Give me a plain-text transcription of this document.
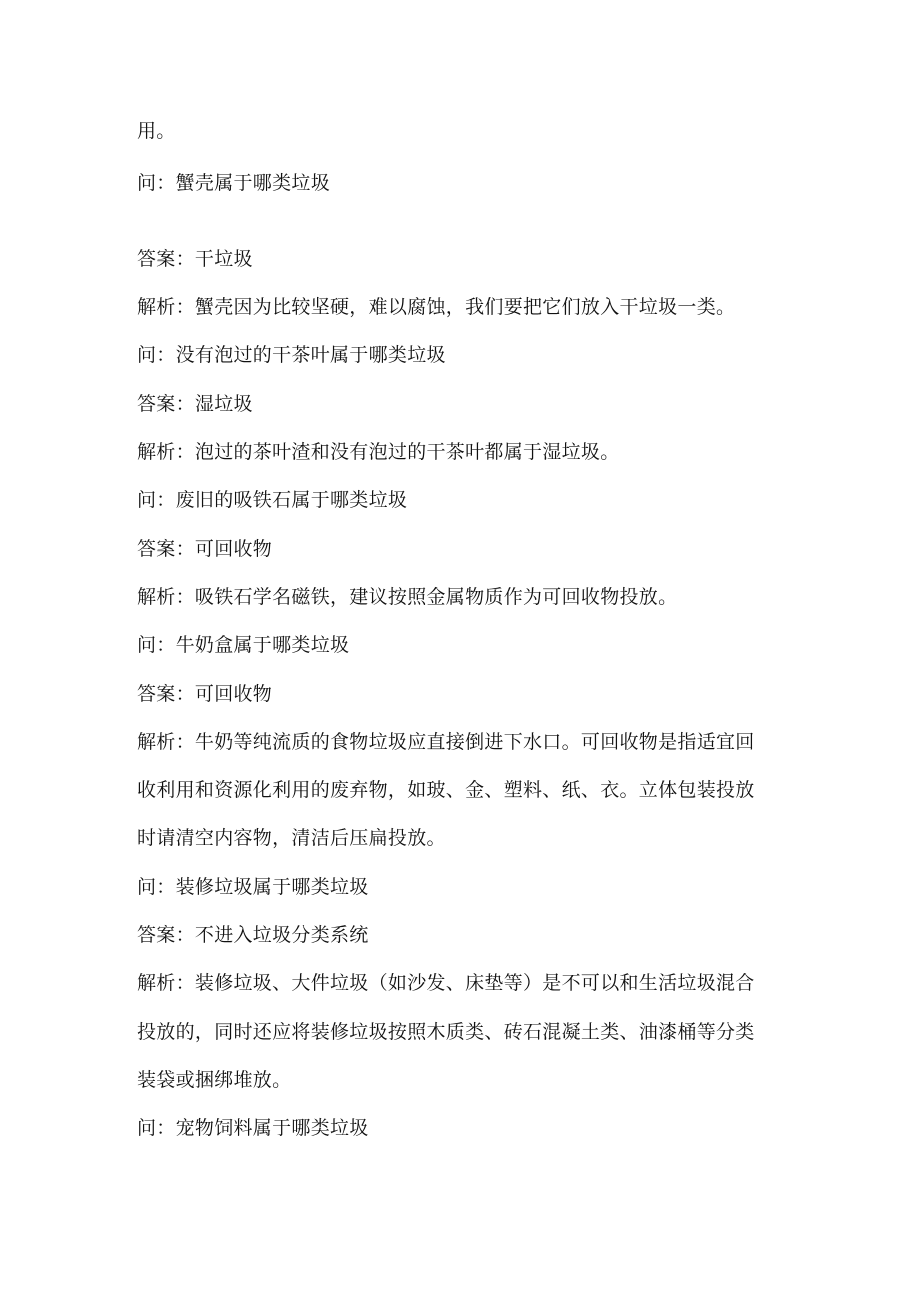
用。
问：蟹壳属于哪类垃圾
答案：干垃圾
解析：蟹壳因为比较坚硬，难以腐蚀，我们要把它们放入干垃圾一类。
问：没有泡过的干茶叶属于哪类垃圾
答案：湿垃圾
解析：泡过的茶叶渣和没有泡过的干茶叶都属于湿垃圾。
问：废旧的吸铁石属于哪类垃圾
答案：可回收物
解析：吸铁石学名磁铁，建议按照金属物质作为可回收物投放。
问：牛奶盒属于哪类垃圾
答案：可回收物
解析：牛奶等纯流质的食物垃圾应直接倒进下水口。可回收物是指适宜回
收利用和资源化利用的废弃物，如玻、金、塑料、纸、衣。立体包装投放
时请清空内容物，清洁后压扁投放。
问：装修垃圾属于哪类垃圾
答案：不进入垃圾分类系统
解析：装修垃圾、大件垃圾（如沙发、床垫等）是不可以和生活垃圾混合
投放的，同时还应将装修垃圾按照木质类、砖石混凝土类、油漆桶等分类
装袋或捆绑堆放。
问：宠物饲料属于哪类垃圾
